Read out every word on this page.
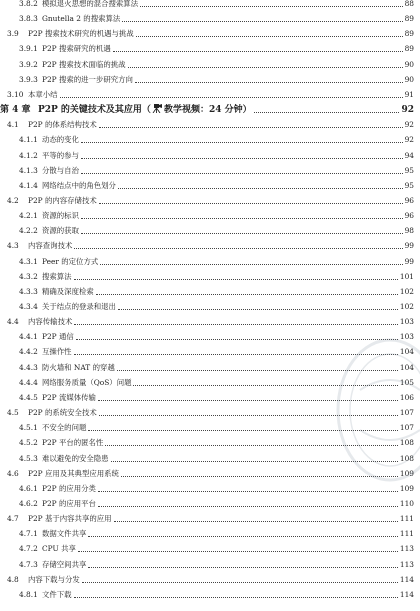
3.8.2 模拟退火思想的混合搜索算法	88
3.8.3 Gnutella 2 的搜索算法	89
3.9 P2P 搜索技术研究的机遇与挑战	89
3.9.1 P2P 搜索研究的机遇	89
3.9.2 P2P 搜索技术面临的挑战	90
3.9.3 P2P 搜索的进一步研究方向	90
3.10 本章小结	91
第 4 章 P2P 的关键技术及其应用（ 教学视频：24 分钟）	92
4.1 P2P 的体系结构技术	92
4.1.1 动态的变化	92
4.1.2 平等的参与	94
4.1.3 分散与自治	95
4.1.4 网络结点中的角色划分	95
4.2 P2P 的内容存储技术	96
4.2.1 资源的标识	96
4.2.2 资源的获取	98
4.3 内容查询技术	99
4.3.1 Peer 的定位方式	99
4.3.2 搜索算法	101
4.3.3 精确及深度检索	102
4.3.4 关于结点的登录和退出	102
4.4 内容传输技术	103
4.4.1 P2P 通信	103
4.4.2 互操作性	104
4.4.3 防火墙和 NAT 的穿越	104
4.4.4 网络服务质量（QoS）问题	105
4.4.5 P2P 流媒体传输	106
4.5 P2P 的系统安全技术	107
4.5.1 不安全的问题	107
4.5.2 P2P 平台的匿名性	108
4.5.3 难以避免的安全隐患	108
4.6 P2P 应用及其典型应用系统	109
4.6.1 P2P 的应用分类	109
4.6.2 P2P 的应用平台	110
4.7 P2P 基于内容共享的应用	111
4.7.1 数据文件共享	111
4.7.2 CPU 共享	113
4.7.3 存储空间共享	113
4.8 内容下载与分发	114
4.8.1 文件下载	114
